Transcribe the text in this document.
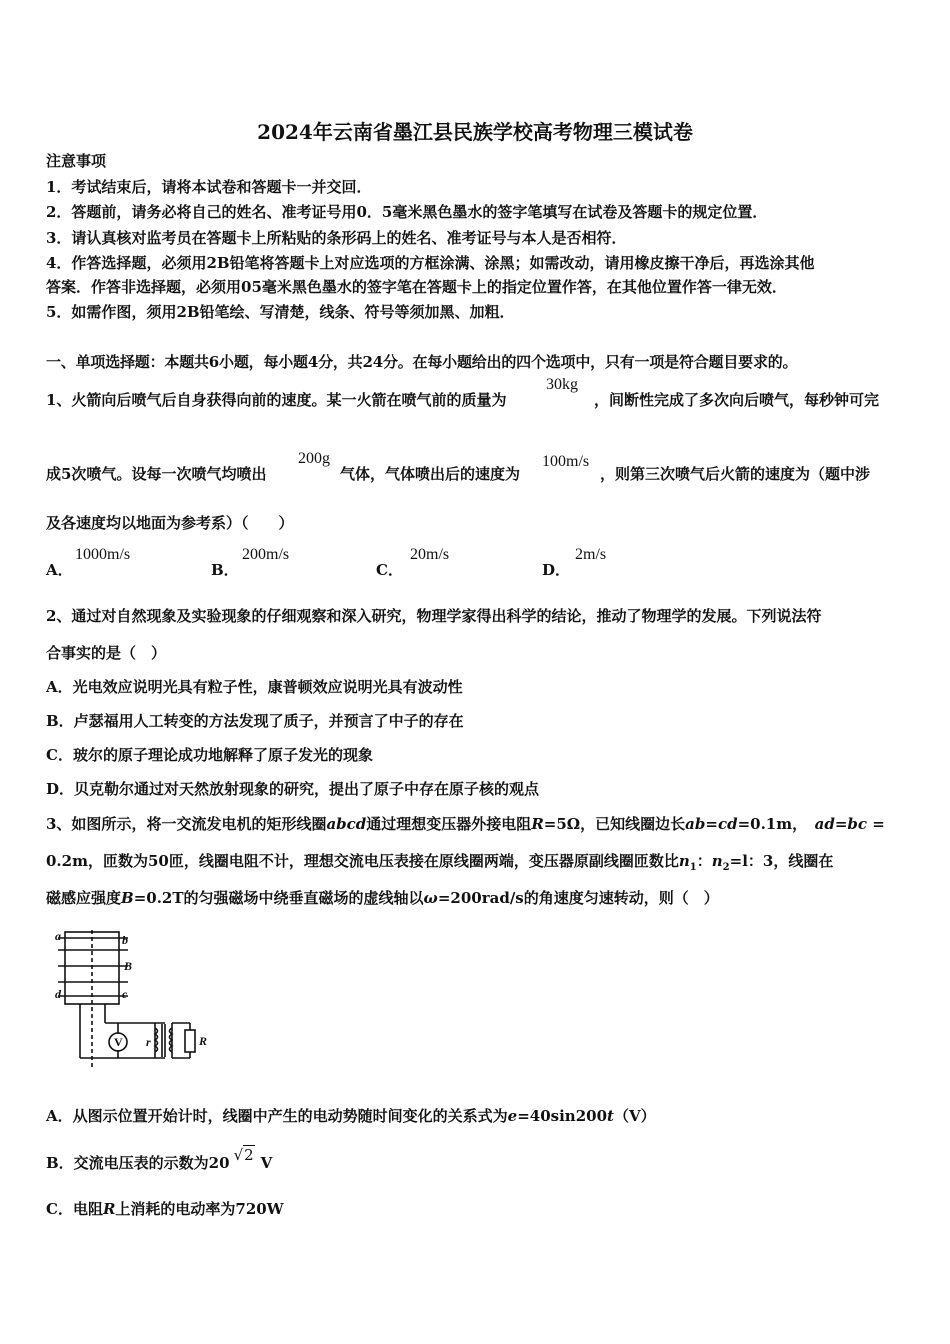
2024年云南省墨江县民族学校高考物理三模试卷
注意事项
1．考试结束后，请将本试卷和答题卡一并交回．
2．答题前，请务必将自己的姓名、准考证号用0．5毫米黑色墨水的签字笔填写在试卷及答题卡的规定位置．
3．请认真核对监考员在答题卡上所粘贴的条形码上的姓名、准考证号与本人是否相符．
4．作答选择题，必须用2B铅笔将答题卡上对应选项的方框涂满、涂黑；如需改动，请用橡皮擦干净后，再选涂其他
答案．作答非选择题，必须用05毫米黑色墨水的签字笔在答题卡上的指定位置作答，在其他位置作答一律无效．
5．如需作图，须用2B铅笔绘、写清楚，线条、符号等须加黑、加粗．
一、单项选择题：本题共6小题，每小题4分，共24分。在每小题给出的四个选项中，只有一项是符合题目要求的。
1、火箭向后喷气后自身获得向前的速度。某一火箭在喷气前的质量为
30kg
，间断性完成了多次向后喷气，每秒钟可完
成5次喷气。设每一次喷气均喷出
200g
气体，气体喷出后的速度为
100m/s
，则第三次喷气后火箭的速度为（题中涉
及各速度均以地面为参考系）（　　）
A．
1000m/s
B．
200m/s
C．
20m/s
D．
2m/s
2、通过对自然现象及实验现象的仔细观察和深入研究，物理学家得出科学的结论，推动了物理学的发展。下列说法符
合事实的是（　）
A．光电效应说明光具有粒子性，康普顿效应说明光具有波动性
B．卢瑟福用人工转变的方法发现了质子，并预言了中子的存在
C．玻尔的原子理论成功地解释了原子发光的现象
D．贝克勒尔通过对天然放射现象的研究，提出了原子中存在原子核的观点
3、如图所示，将一交流发电机的矩形线圈abcd通过理想变压器外接电阻R=5Ω，已知线圈边长ab=cd=0.1m，　ad=bc =
0.2m，匝数为50匝，线圈电阻不计，理想交流电压表接在原线圈两端，变压器原副线圈匝数比$n_1$：$n_2=l$：3，线圈在
磁感应强度B=0.2T的匀强磁场中绕垂直磁场的虚线轴以ω=200rad/s的角速度匀速转动，则（　）
a	b
B
c
d
V r	R
A．从图示位置开始计时，线圈中产生的电动势随时间变化的关系式为e=40sin200t（V）
B．交流电压表的示数为20 √2 V
C．电阻R上消耗的电动率为720W
